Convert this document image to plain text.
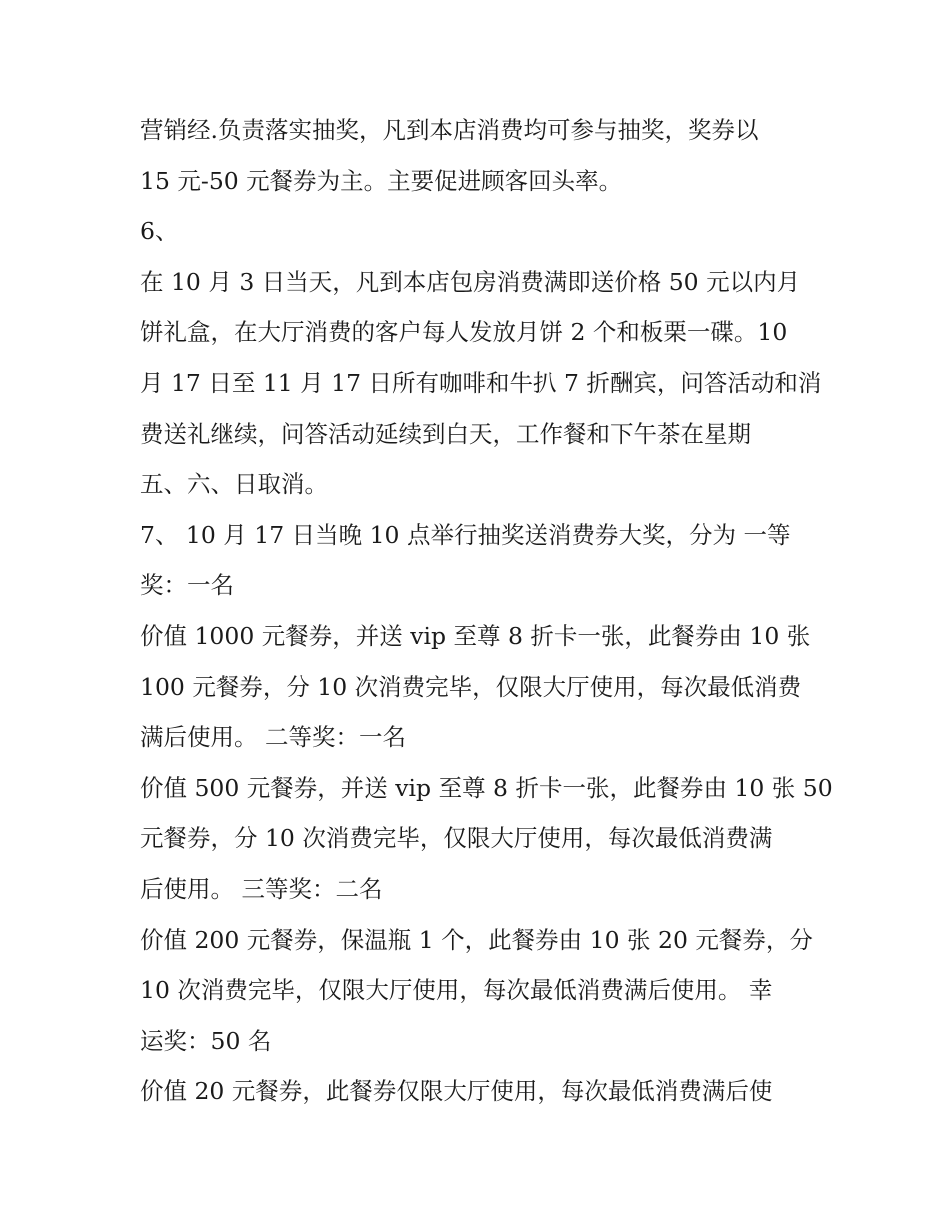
营销经.负责落实抽奖，凡到本店消费均可参与抽奖，奖券以
15 元-50 元餐券为主。主要促进顾客回头率。
6、
在 10 月 3 日当天，凡到本店包房消费满即送价格 50 元以内月
饼礼盒，在大厅消费的客户每人发放月饼 2 个和板栗一碟。10
月 17 日至 11 月 17 日所有咖啡和牛扒 7 折酬宾，问答活动和消
费送礼继续，问答活动延续到白天，工作餐和下午茶在星期
五、六、日取消。
7、 10 月 17 日当晚 10 点举行抽奖送消费券大奖，分为 一等
奖：一名
价值 1000 元餐券，并送 vip 至尊 8 折卡一张，此餐券由 10 张
100 元餐券，分 10 次消费完毕，仅限大厅使用，每次最低消费
满后使用。 二等奖：一名
价值 500 元餐券，并送 vip 至尊 8 折卡一张，此餐券由 10 张 50
元餐券，分 10 次消费完毕，仅限大厅使用，每次最低消费满
后使用。 三等奖：二名
价值 200 元餐券，保温瓶 1 个，此餐券由 10 张 20 元餐券，分
10 次消费完毕，仅限大厅使用，每次最低消费满后使用。 幸
运奖：50 名
价值 20 元餐券，此餐券仅限大厅使用，每次最低消费满后使
